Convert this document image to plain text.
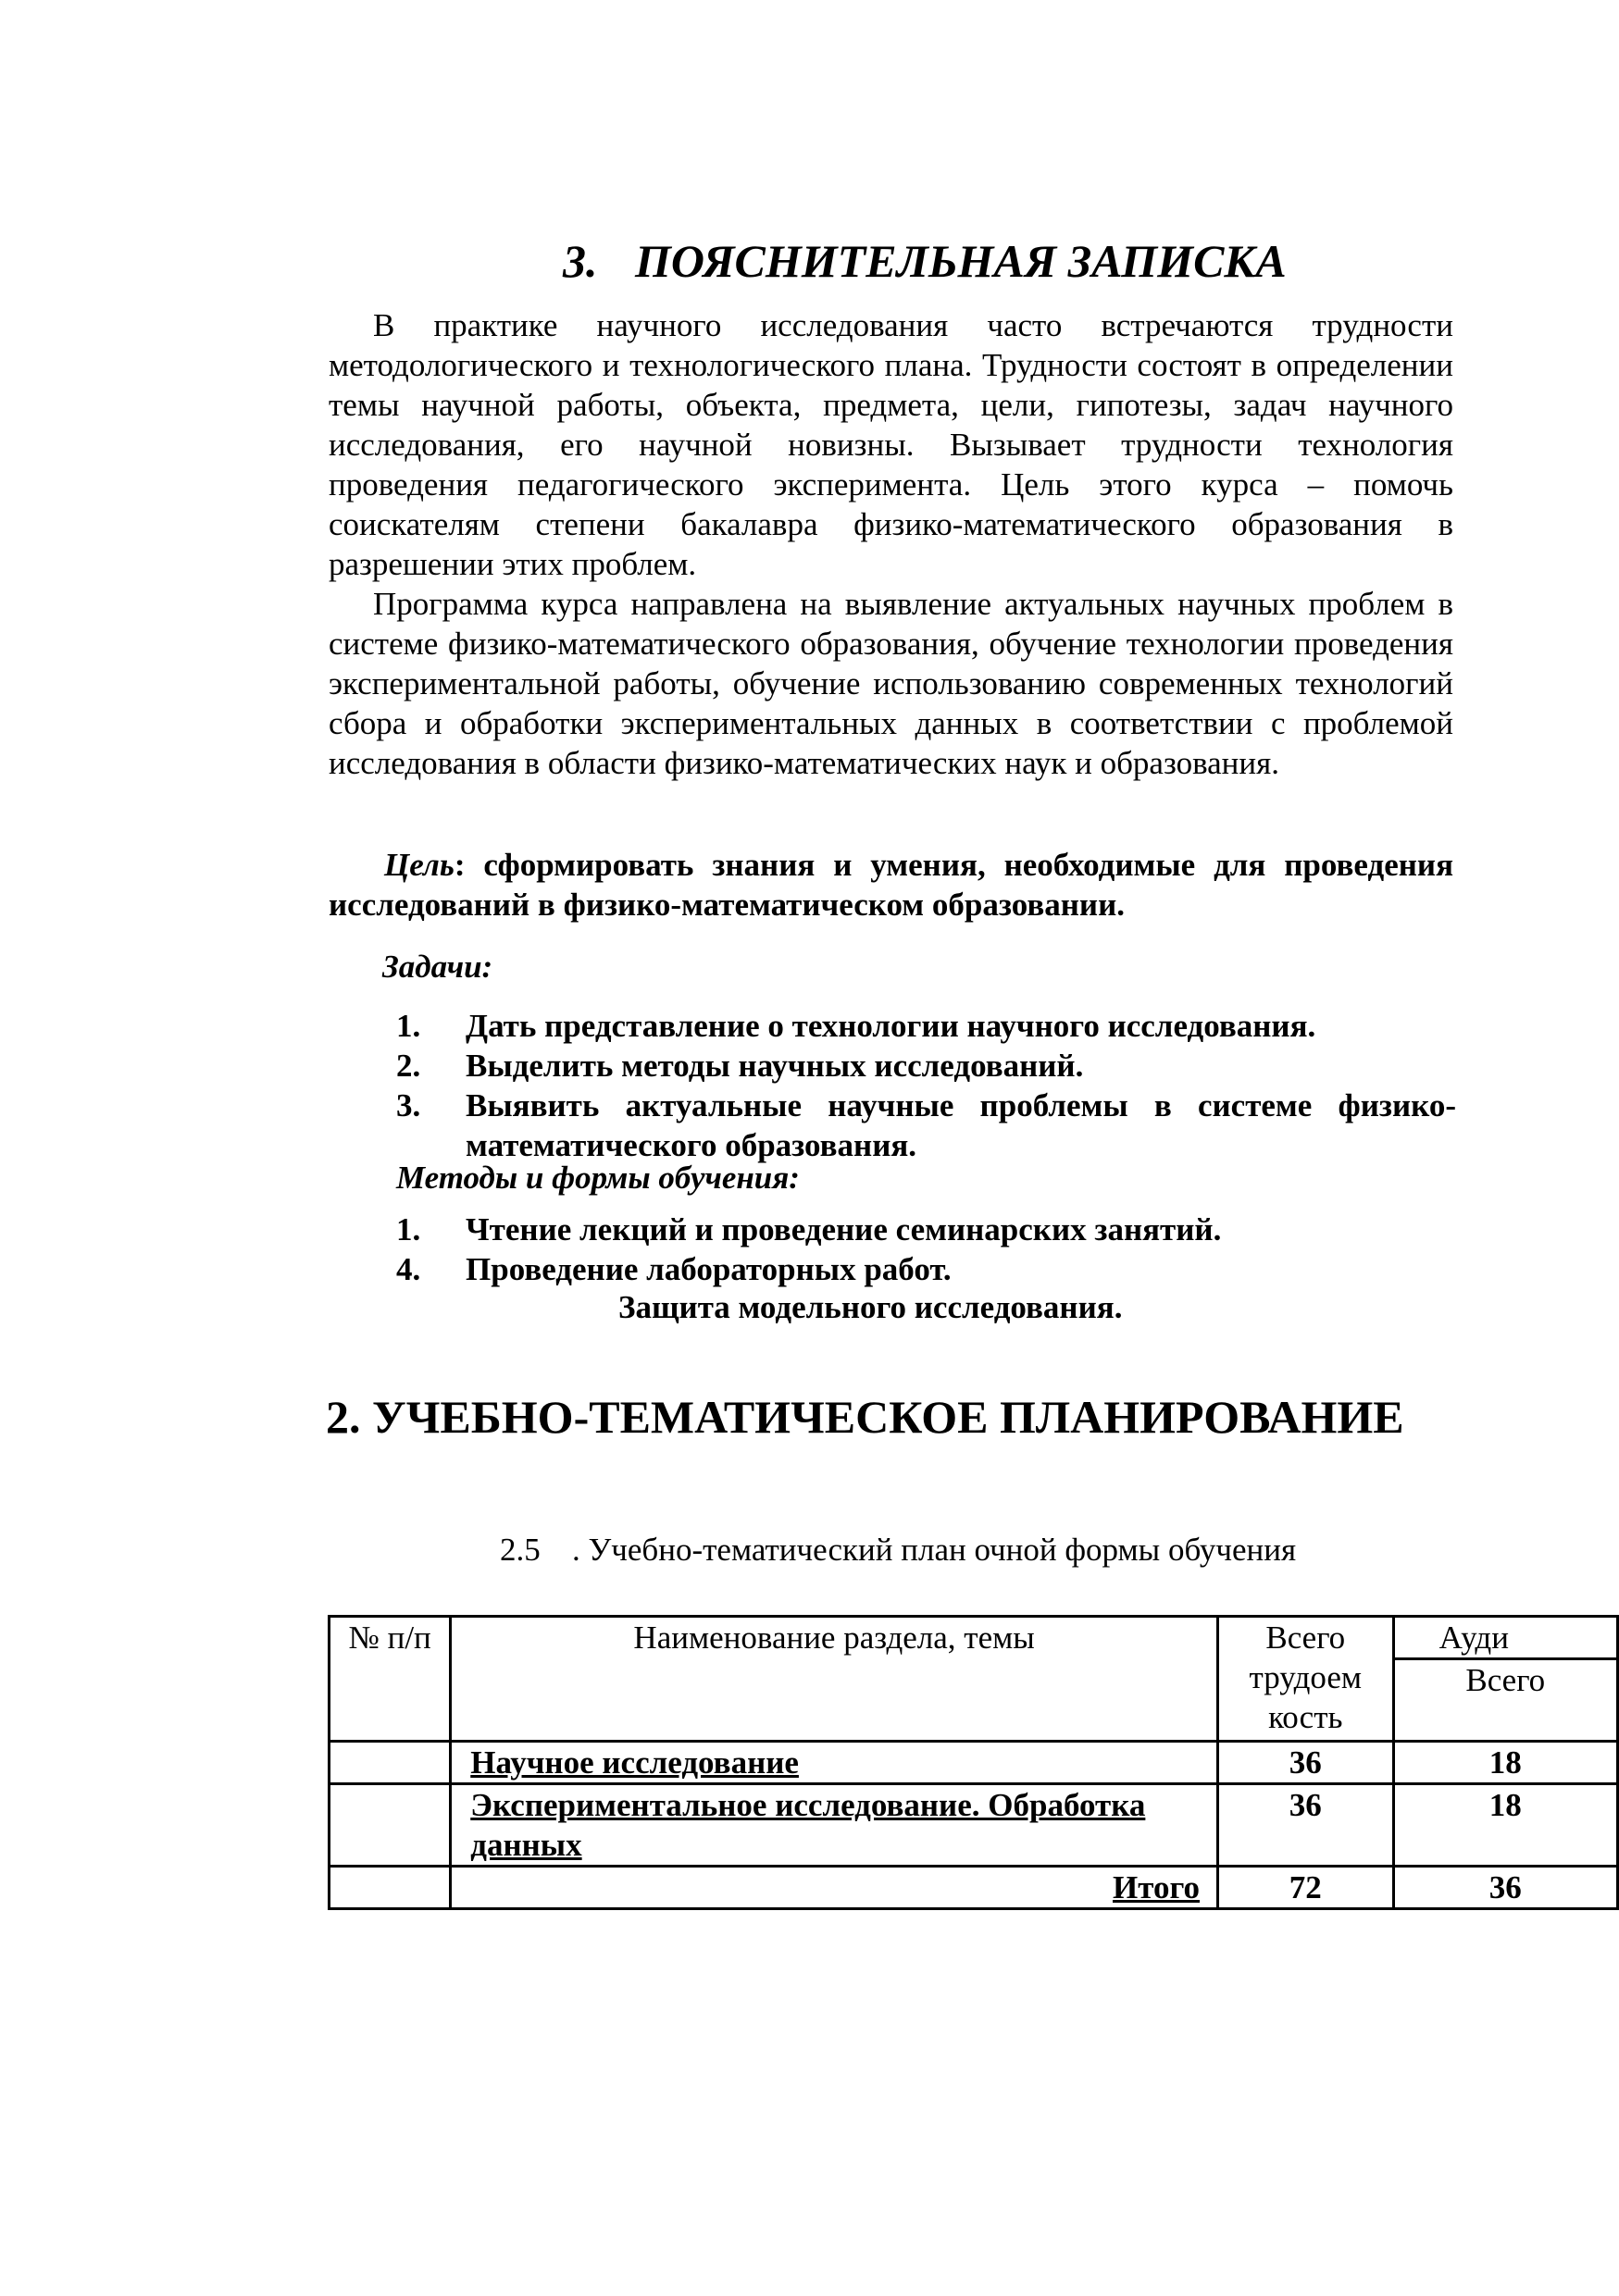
3. ПОЯСНИТЕЛЬНАЯ ЗАПИСКА
В практике научного исследования часто встречаются трудности методологического и технологического плана. Трудности состоят в определении темы научной работы, объекта, предмета, цели, гипотезы, задач научного исследования, его научной новизны. Вызывает трудности технология проведения педагогического эксперимента. Цель этого курса – помочь соискателям степени бакалавра физико-математического образования в разрешении этих проблем.
Программа курса направлена на выявление актуальных научных проблем в системе физико-математического образования, обучение технологии проведения экспериментальной работы, обучение использованию современных технологий сбора и обработки экспериментальных данных в соответствии с проблемой исследования в области физико-математических наук и образования.
Цель: сформировать знания и умения, необходимые для проведения исследований в физико-математическом образовании.
Задачи:
1. Дать представление о технологии научного исследования.
2. Выделить методы научных исследований.
3. Выявить актуальные научные проблемы в системе физико-математического образования.
Методы и формы обучения:
1. Чтение лекций и проведение семинарских занятий.
4. Проведение лабораторных работ.
Защита модельного исследования.
2. УЧЕБНО-ТЕМАТИЧЕСКОЕ ПЛАНИРОВАНИЕ
2.5 . Учебно-тематический план очной формы обучения
№ п/п	Наименование раздела, темы	Всего трудоем кость	Ауди
			Всего
	Научное исследование	36	18
	Экспериментальное исследование. Обработка данных	36	18
	Итого	72	36
